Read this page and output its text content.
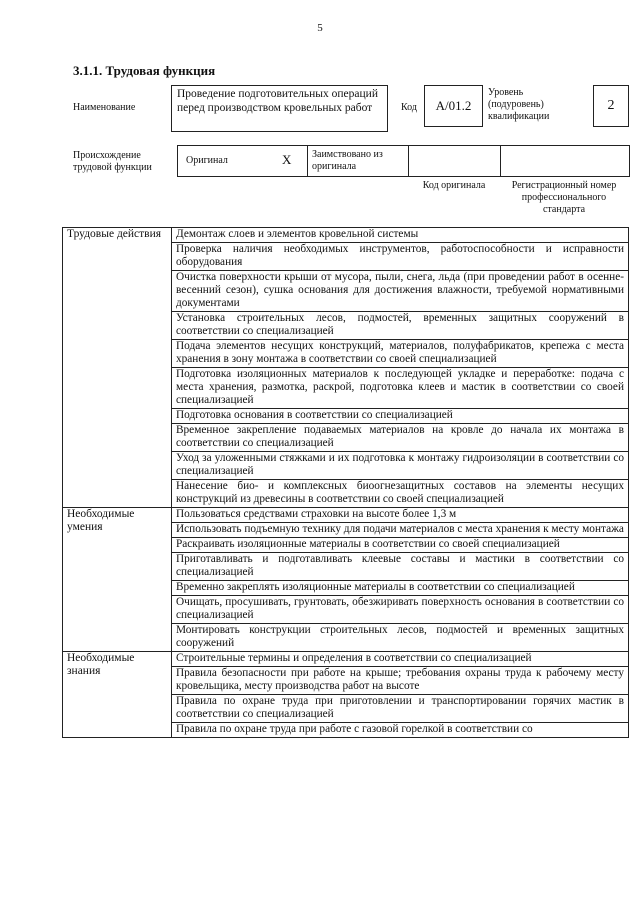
5
3.1.1. Трудовая функция
Наименование
Проведение подготовительных операций перед производством кровельных работ	Код	А/01.2
Уровень (подуровень) квалификации
2
Происхождение трудовой функции
Оригинал	X Заимствовано из оригинала
Код оригинала	Регистрационный номер профессионального стандарта
Трудовые действия	Демонтаж слоев и элементов кровельной системы
	Проверка наличия необходимых инструментов, работоспособности и исправности оборудования
	Очистка поверхности крыши от мусора, пыли, снега, льда (при проведении работ в осенне-весенний сезон), сушка основания для достижения влажности, требуемой нормативными документами
	Установка строительных лесов, подмостей, временных защитных сооружений в соответствии со специализацией
	Подача элементов несущих конструкций, материалов, полуфабрикатов, крепежа с места хранения в зону монтажа в соответствии со своей специализацией
	Подготовка изоляционных материалов к последующей укладке и переработке: подача с места хранения, размотка, раскрой, подготовка клеев и мастик в соответствии со своей специализацией
	Подготовка основания в соответствии со специализацией
	Временное закрепление подаваемых материалов на кровле до начала их монтажа в соответствии со специализацией
	Уход за уложенными стяжками и их подготовка к монтажу гидроизоляции в соответствии со специализацией
	Нанесение био- и комплексных биоогнезащитных составов на элементы несущих конструкций из древесины в соответствии со своей специализацией
Необходимые умения	Пользоваться средствами страховки на высоте более 1,3 м
	Использовать подъемную технику для подачи материалов с места хранения к месту монтажа
	Раскраивать изоляционные материалы в соответствии со своей специализацией
	Приготавливать и подготавливать клеевые составы и мастики в соответствии со специализацией
	Временно закреплять изоляционные материалы в соответствии со специализацией
	Очищать, просушивать, грунтовать, обезжиривать поверхность основания в соответствии со специализацией
	Монтировать конструкции строительных лесов, подмостей и временных защитных сооружений
Необходимые знания	Строительные термины и определения в соответствии со специализацией
	Правила безопасности при работе на крыше; требования охраны труда к рабочему месту кровельщика, месту производства работ на высоте
	Правила по охране труда при приготовлении и транспортировании горячих мастик в соответствии со специализацией
	Правила по охране труда при работе с газовой горелкой в соответствии со
